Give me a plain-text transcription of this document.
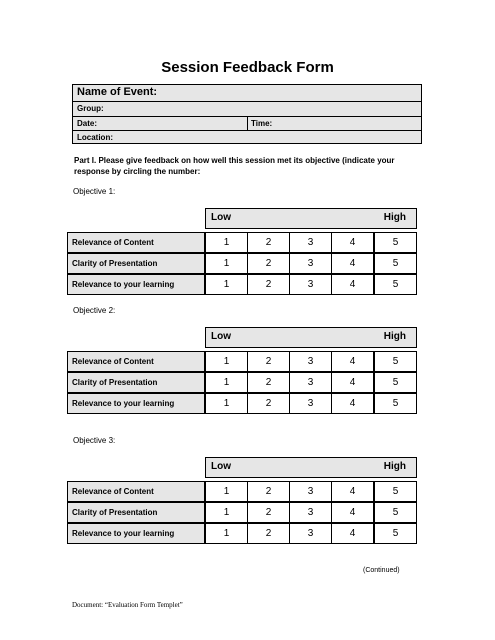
Session Feedback Form
Name of Event:
Group:
Date:	Time:
Location:
Part I. Please give feedback on how well this session met its objective (indicate your response by circling the number:
Objective 1:
Low	High
Relevance of Content	1	2	3	4	5
Clarity of Presentation	1	2	3	4	5
Relevance to your learning	1	2	3	4	5
Objective 2:
Low	High
Relevance of Content	1	2	3	4	5
Clarity of Presentation	1	2	3	4	5
Relevance to your learning	1	2	3	4	5
Objective 3:
Low	High
Relevance of Content	1	2	3	4	5
Clarity of Presentation	1	2	3	4	5
Relevance to your learning	1	2	3	4	5
(Continued)
Document: “Evaluation Form Templet”
